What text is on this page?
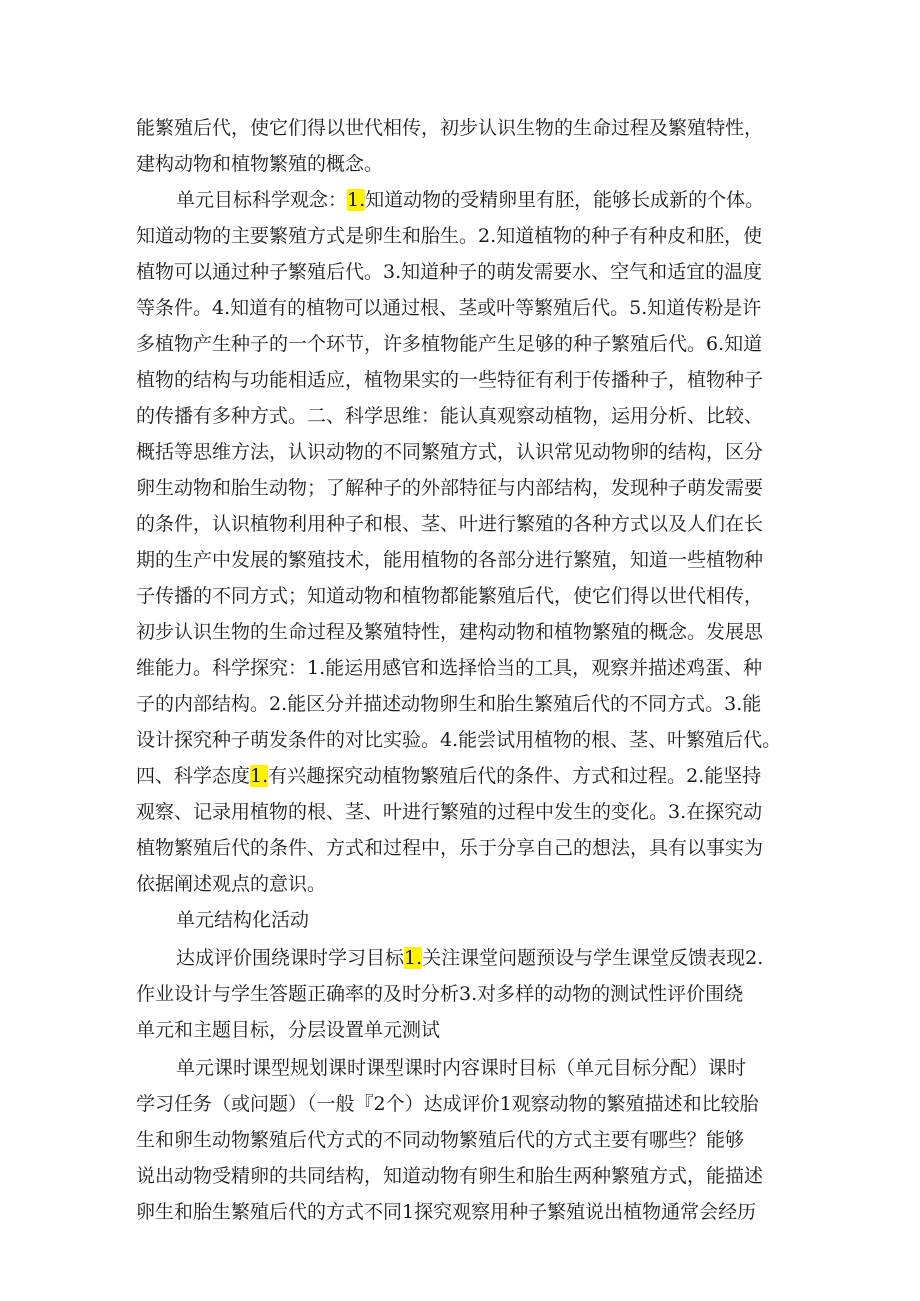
能繁殖后代，使它们得以世代相传，初步认识生物的生命过程及繁殖特性，
建构动物和植物繁殖的概念。
单元目标科学观念：1.知道动物的受精卵里有胚，能够长成新的个体。
知道动物的主要繁殖方式是卵生和胎生。2.知道植物的种子有种皮和胚，使
植物可以通过种子繁殖后代。3.知道种子的萌发需要水、空气和适宜的温度
等条件。4.知道有的植物可以通过根、茎或叶等繁殖后代。5.知道传粉是许
多植物产生种子的一个环节，许多植物能产生足够的种子繁殖后代。6.知道
植物的结构与功能相适应，植物果实的一些特征有利于传播种子，植物种子
的传播有多种方式。二、科学思维：能认真观察动植物，运用分析、比较、
概括等思维方法，认识动物的不同繁殖方式，认识常见动物卵的结构，区分
卵生动物和胎生动物；了解种子的外部特征与内部结构，发现种子萌发需要
的条件，认识植物利用种子和根、茎、叶进行繁殖的各种方式以及人们在长
期的生产中发展的繁殖技术，能用植物的各部分进行繁殖，知道一些植物种
子传播的不同方式；知道动物和植物都能繁殖后代，使它们得以世代相传，
初步认识生物的生命过程及繁殖特性，建构动物和植物繁殖的概念。发展思
维能力。科学探究：1.能运用感官和选择恰当的工具，观察并描述鸡蛋、种
子的内部结构。2.能区分并描述动物卵生和胎生繁殖后代的不同方式。3.能
设计探究种子萌发条件的对比实验。4.能尝试用植物的根、茎、叶繁殖后代。
四、科学态度1.有兴趣探究动植物繁殖后代的条件、方式和过程。2.能坚持
观察、记录用植物的根、茎、叶进行繁殖的过程中发生的变化。3.在探究动
植物繁殖后代的条件、方式和过程中，乐于分享自己的想法，具有以事实为
依据阐述观点的意识。
单元结构化活动
达成评价围绕课时学习目标1.关注课堂问题预设与学生课堂反馈表现2.
作业设计与学生答题正确率的及时分析3.对多样的动物的测试性评价围绕
单元和主题目标，分层设置单元测试
单元课时课型规划课时课型课时内容课时目标（单元目标分配）课时
学习任务（或问题）（一般『2个）达成评价1观察动物的繁殖描述和比较胎
生和卵生动物繁殖后代方式的不同动物繁殖后代的方式主要有哪些？能够
说出动物受精卵的共同结构，知道动物有卵生和胎生两种繁殖方式，能描述
卵生和胎生繁殖后代的方式不同1探究观察用种子繁殖说出植物通常会经历
